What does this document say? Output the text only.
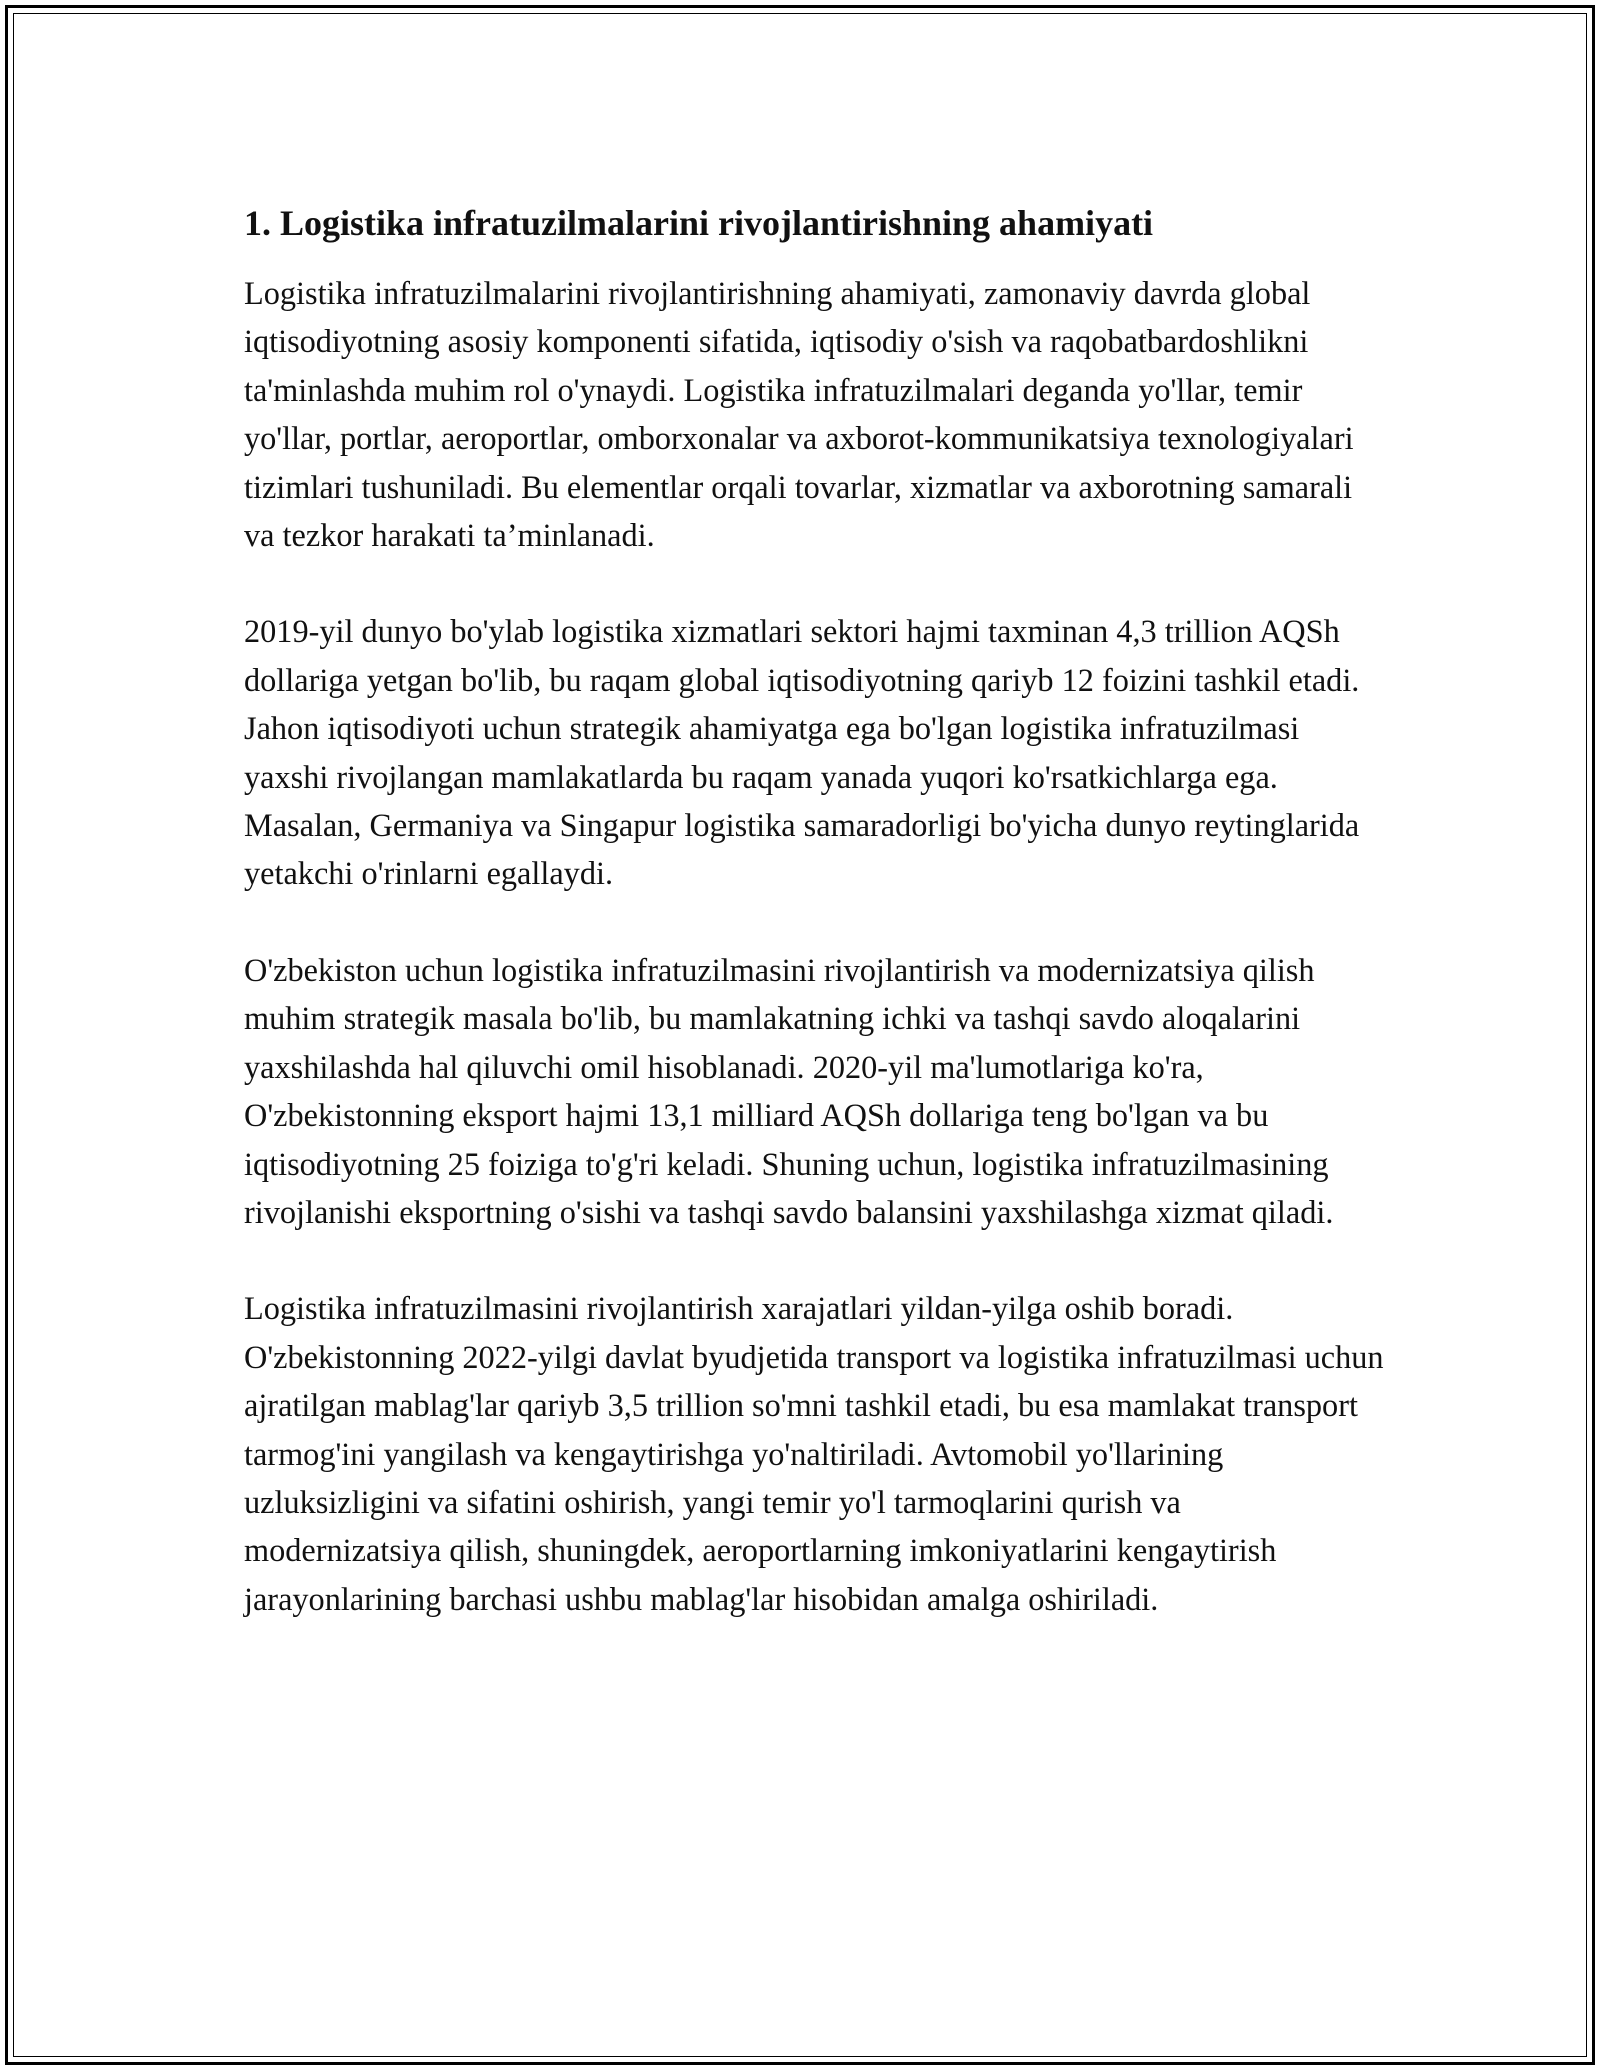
1. Logistika infratuzilmalarini rivojlantirishning ahamiyati

Logistika infratuzilmalarini rivojlantirishning ahamiyati, zamonaviy davrda global iqtisodiyotning asosiy komponenti sifatida, iqtisodiy o'sish va raqobatbardoshlikni ta'minlashda muhim rol o'ynaydi. Logistika infratuzilmalari deganda yo'llar, temir yo'llar, portlar, aeroportlar, omborxonalar va axborot-kommunikatsiya texnologiyalari tizimlari tushuniladi. Bu elementlar orqali tovarlar, xizmatlar va axborotning samarali va tezkor harakati ta’minlanadi.

2019-yil dunyo bo'ylab logistika xizmatlari sektori hajmi taxminan 4,3 trillion AQSh dollariga yetgan bo'lib, bu raqam global iqtisodiyotning qariyb 12 foizini tashkil etadi. Jahon iqtisodiyoti uchun strategik ahamiyatga ega bo'lgan logistika infratuzilmasi yaxshi rivojlangan mamlakatlarda bu raqam yanada yuqori ko'rsatkichlarga ega. Masalan, Germaniya va Singapur logistika samaradorligi bo'yicha dunyo reytinglarida yetakchi o'rinlarni egallaydi.

O'zbekiston uchun logistika infratuzilmasini rivojlantirish va modernizatsiya qilish muhim strategik masala bo'lib, bu mamlakatning ichki va tashqi savdo aloqalarini yaxshilashda hal qiluvchi omil hisoblanadi. 2020-yil ma'lumotlariga ko'ra, O'zbekistonning eksport hajmi 13,1 milliard AQSh dollariga teng bo'lgan va bu iqtisodiyotning 25 foiziga to'g'ri keladi. Shuning uchun, logistika infratuzilmasining rivojlanishi eksportning o'sishi va tashqi savdo balansini yaxshilashga xizmat qiladi.

Logistika infratuzilmasini rivojlantirish xarajatlari yildan-yilga oshib boradi. O'zbekistonning 2022-yilgi davlat byudjetida transport va logistika infratuzilmasi uchun ajratilgan mablag'lar qariyb 3,5 trillion so'mni tashkil etadi, bu esa mamlakat transport tarmog'ini yangilash va kengaytirishga yo'naltiriladi. Avtomobil yo'llarining uzluksizligini va sifatini oshirish, yangi temir yo'l tarmoqlarini qurish va modernizatsiya qilish, shuningdek, aeroportlarning imkoniyatlarini kengaytirish jarayonlarining barchasi ushbu mablag'lar hisobidan amalga oshiriladi.
